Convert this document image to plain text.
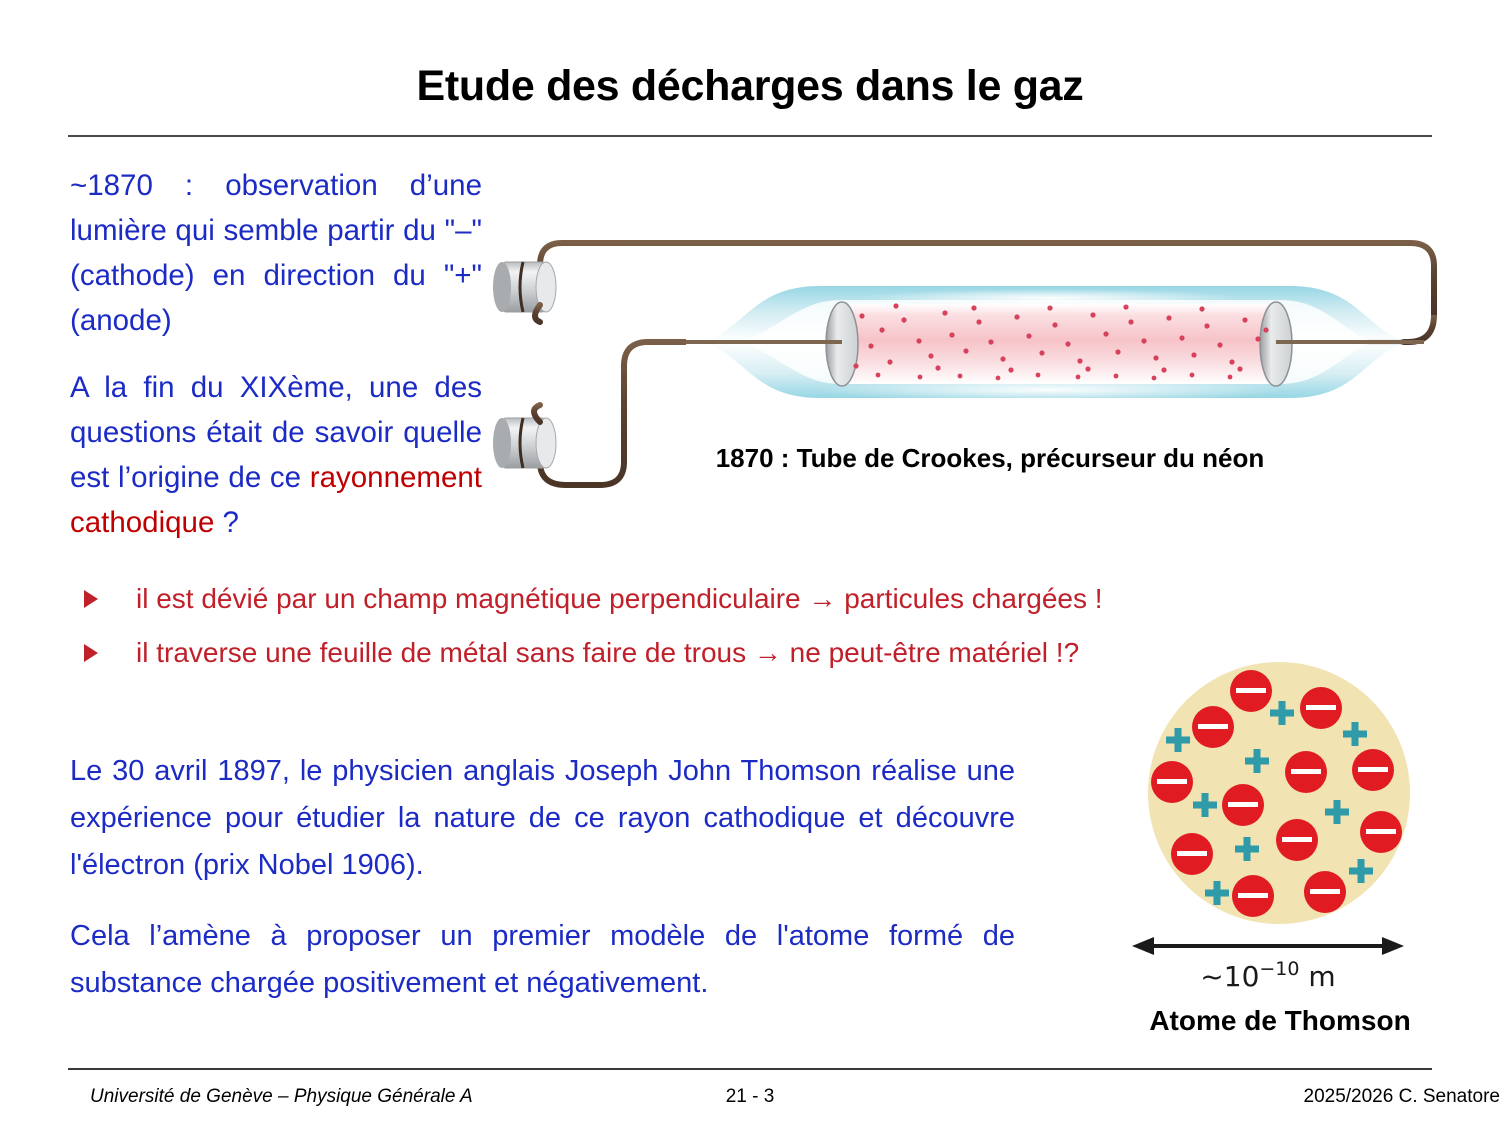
Etude des décharges dans le gaz

~1870 : observation d’une lumière qui semble partir du "–" (cathode) en direction du "+" (anode)

A la fin du XIXème, une des questions était de savoir quelle est l’origine de ce rayonnement cathodique ?

1870 : Tube de Crookes, précurseur du néon
il est dévié par un champ magnétique perpendiculaire → particules chargées !
il traverse une feuille de métal sans faire de trous → ne peut-être matériel !?

Le 30 avril 1897, le physicien anglais Joseph John Thomson réalise une expérience pour étudier la nature de ce rayon cathodique et découvre l'électron (prix Nobel 1906).

Cela l’amène à proposer un premier modèle de l'atome formé de substance chargée positivement et négativement.	$\sim 10^{-10}$ m
Atome de Thomson
Université de Genève – Physique Générale A	21 - 3	2025/2026 C. Senatore
